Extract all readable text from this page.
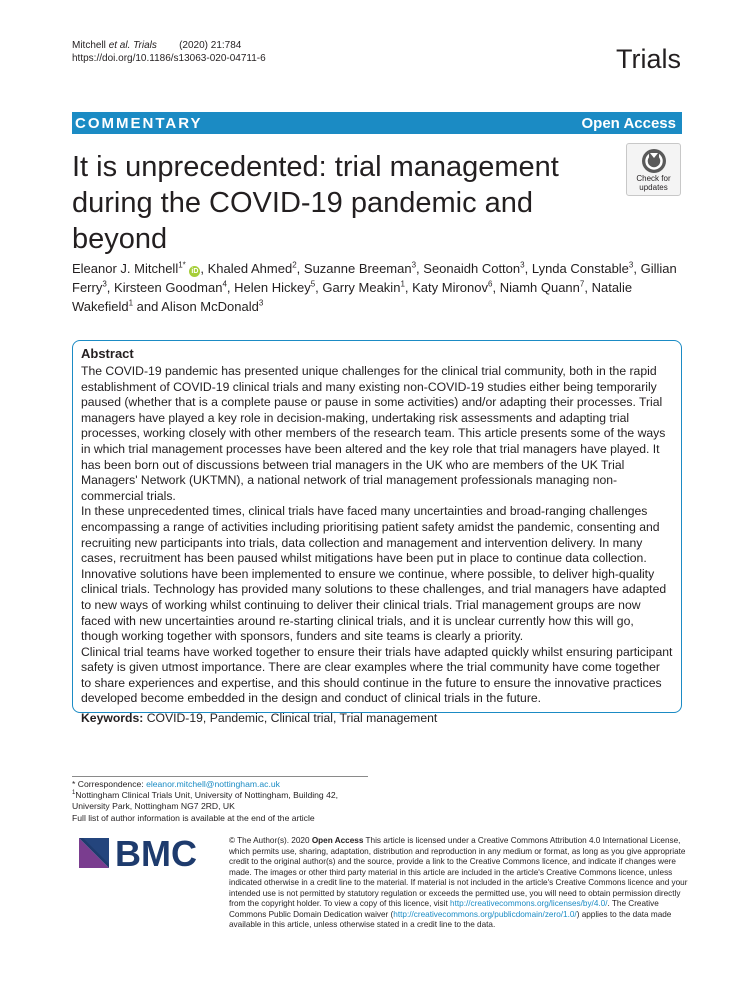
Mitchell et al. Trials (2020) 21:784
https://doi.org/10.1186/s13063-020-04711-6	Trials
COMMENTARY	Open Access
It is unprecedented: trial management during the COVID-19 pandemic and beyond
Check for
updates
Eleanor J. Mitchell$^{1*}$ iD , Khaled Ahmed$^2$, Suzanne Breeman$^3$, Seonaidh Cotton$^3$, Lynda Constable$^3$, Gillian Ferry$^3$, Kirsteen Goodman$^4$, Helen Hickey$^5$, Garry Meakin$^1$, Katy Mironov$^6$, Niamh Quann$^7$, Natalie Wakefield$^1$ and Alison McDonald$^3$
Abstract

The COVID-19 pandemic has presented unique challenges for the clinical trial community, both in the rapid establishment of COVID-19 clinical trials and many existing non-COVID-19 studies either being temporarily paused (whether that is a complete pause or pause in some activities) and/or adapting their processes. Trial managers have played a key role in decision-making, undertaking risk assessments and adapting trial processes, working closely with other members of the research team. This article presents some of the ways in which trial management processes have been altered and the key role that trial managers have played. It has been born out of discussions between trial managers in the UK who are members of the UK Trial Managers' Network (UKTMN), a national network of trial management professionals managing non-commercial trials.

In these unprecedented times, clinical trials have faced many uncertainties and broad-ranging challenges encompassing a range of activities including prioritising patient safety amidst the pandemic, consenting and recruiting new participants into trials, data collection and management and intervention delivery. In many cases, recruitment has been paused whilst mitigations have been put in place to continue data collection. Innovative solutions have been implemented to ensure we continue, where possible, to deliver high-quality clinical trials. Technology has provided many solutions to these challenges, and trial managers have adapted to new ways of working whilst continuing to deliver their clinical trials. Trial management groups are now faced with new uncertainties around re-starting clinical trials, and it is unclear currently how this will go, though working together with sponsors, funders and site teams is clearly a priority.

Clinical trial teams have worked together to ensure their trials have adapted quickly whilst ensuring participant safety is given utmost importance. There are clear examples where the trial community have come together to share experiences and expertise, and this should continue in the future to ensure the innovative practices developed become embedded in the design and conduct of clinical trials in the future.

Keywords: COVID-19, Pandemic, Clinical trial, Trial management
* Correspondence: eleanor.mitchell@nottingham.ac.uk
$^1$Nottingham Clinical Trials Unit, University of Nottingham, Building 42,
University Park, Nottingham NG7 2RD, UK
Full list of author information is available at the end of the article
BMC	© The Author(s). 2020 Open Access This article is licensed under a Creative Commons Attribution 4.0 International License, which permits use, sharing, adaptation, distribution and reproduction in any medium or format, as long as you give appropriate credit to the original author(s) and the source, provide a link to the Creative Commons licence, and indicate if changes were made. The images or other third party material in this article are included in the article's Creative Commons licence, unless indicated otherwise in a credit line to the material. If material is not included in the article's Creative Commons licence and your intended use is not permitted by statutory regulation or exceeds the permitted use, you will need to obtain permission directly from the copyright holder. To view a copy of this licence, visit http://creativecommons.org/licenses/by/4.0/. The Creative Commons Public Domain Dedication waiver (http://creativecommons.org/publicdomain/zero/1.0/) applies to the data made available in this article, unless otherwise stated in a credit line to the data.
